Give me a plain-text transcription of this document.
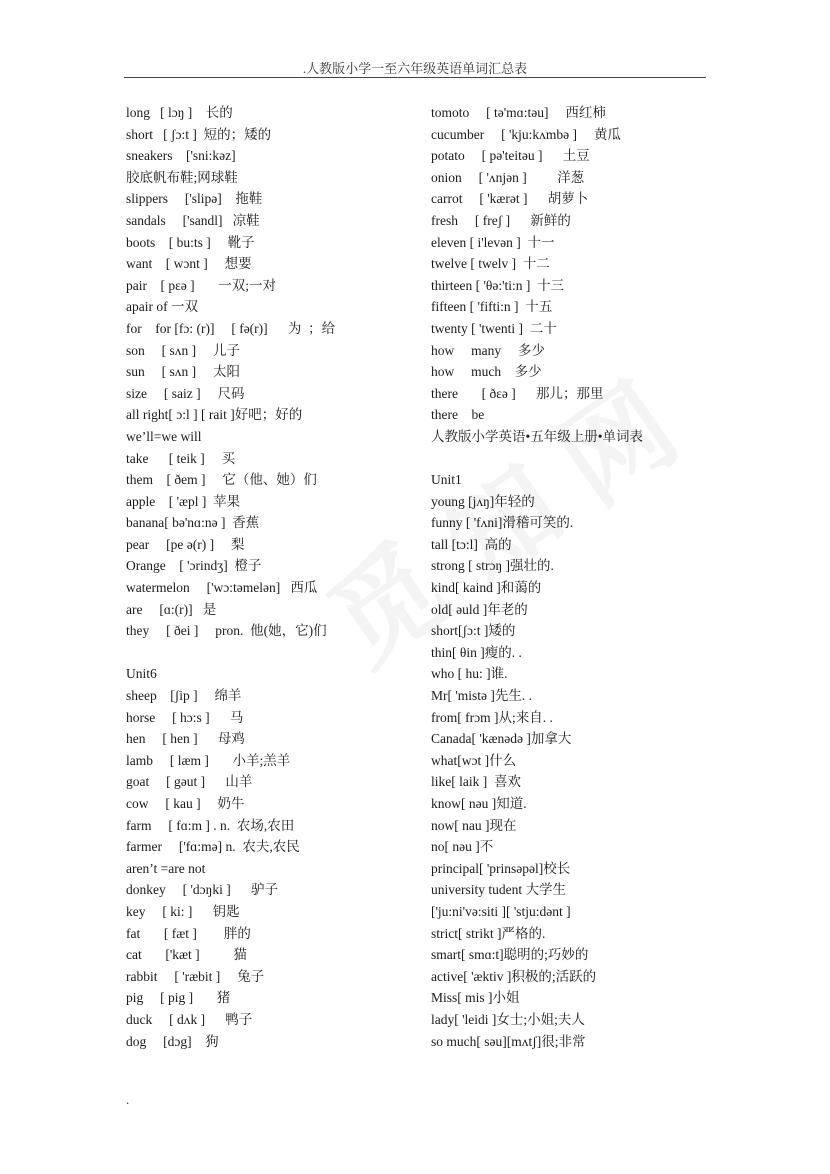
.人教版小学一至六年级英语单词汇总表
long   [ lɔŋ ]    长的
short   [ ʃɔ:t ]  短的；矮的
sneakers    ['sni:kəz]
胶底帆布鞋;网球鞋
slippers     ['slipə]    拖鞋
sandals     ['sandl]   凉鞋
boots    [ bu:ts ]     靴子
want    [ wɔnt ]     想要
pair    [ pɛə ]       一双;一对
apair of 一双
for    for [fɔ: (r)]     [ fə(r)]      为  ；给
son     [ sʌn ]     儿子
sun     [ sʌn ]     太阳
size     [ saiz ]     尺码
all right[ ɔ:l ] [ rait ]好吧；好的
we’ll=we will
take      [ teik ]     买
them    [ ðem ]     它（他、她）们
apple    [ 'æpl ]  苹果
banana[ bə'nɑ:nə ]  香蕉
pear     [pe ə(r) ]     梨
Orange    [ 'ɔrindʒ]  橙子
watermelon     ['wɔ:təmelən]   西瓜
are     [ɑ:(r)]   是
they     [ ðei ]     pron.  他(她，它)们
Unit6
sheep    [ʃip ]     绵羊
horse     [ hɔ:s ]      马
hen     [ hen ]      母鸡
lamb     [ læm ]       小羊;羔羊
goat     [ gəut ]      山羊
cow     [ kau ]     奶牛
farm     [ fɑ:m ] . n.  农场,农田
farmer     ['fɑ:mə] n.  农夫,农民
aren’t =are not
donkey     [ 'dɔŋki ]      驴子
key     [ ki: ]      钥匙
fat       [ fæt ]        胖的
cat       ['kæt ]          猫
rabbit     [ 'ræbit ]     兔子
pig     [ pig ]       猪
duck     [ dʌk ]      鸭子
dog     [dɔg]    狗
tomoto     [ tə'mɑ:təu]     西红柿
cucumber     [ 'kju:kʌmbə ]     黄瓜
potato     [ pə'teitəu ]      土豆
onion     [ 'ʌnjən ]         洋葱
carrot     [ 'kærət ]      胡萝卜
fresh     [ freʃ ]      新鲜的
eleven [ i'levən ]  十一
twelve [ twelv ]  十二
thirteen [ 'θə:'ti:n ]  十三
fifteen [ 'fifti:n ]  十五
twenty [ 'twenti ]  二十
how     many     多少
how     much    多少
there       [ ðεə ]      那儿；那里
there    be
人教版小学英语•五年级上册•单词表
Unit1
young [jʌŋ]年轻的
funny [ 'fʌni]滑稽可笑的.
tall [tɔ:l]  高的
strong [ strɔŋ ]强壮的.
kind[ kaind ]和蔼的
old[ əuld ]年老的
short[ʃɔ:t ]矮的
thin[ θin ]瘦的. .
who [ hu: ]谁.
Mr[ 'mistə ]先生. .
from[ frɔm ]从;来自. .
Canada[ 'kænədə ]加拿大
what[wɔt ]什么
like[ laik ]  喜欢
know[ nəu ]知道.
now[ nau ]现在
no[ nəu ]不
principal[ 'prinsəpəl]校长
university tudent 大学生
['ju:ni'və:siti ][ 'stju:dənt ]
strict[ strikt ]严格的.
smart[ smɑ:t]聪明的;巧妙的
active[ 'æktiv ]积极的;活跃的
Miss[ mis ]小姐
lady[ 'leidi ]女士;小姐;夫人
so much[ səu][mʌtʃ]很;非常
.
